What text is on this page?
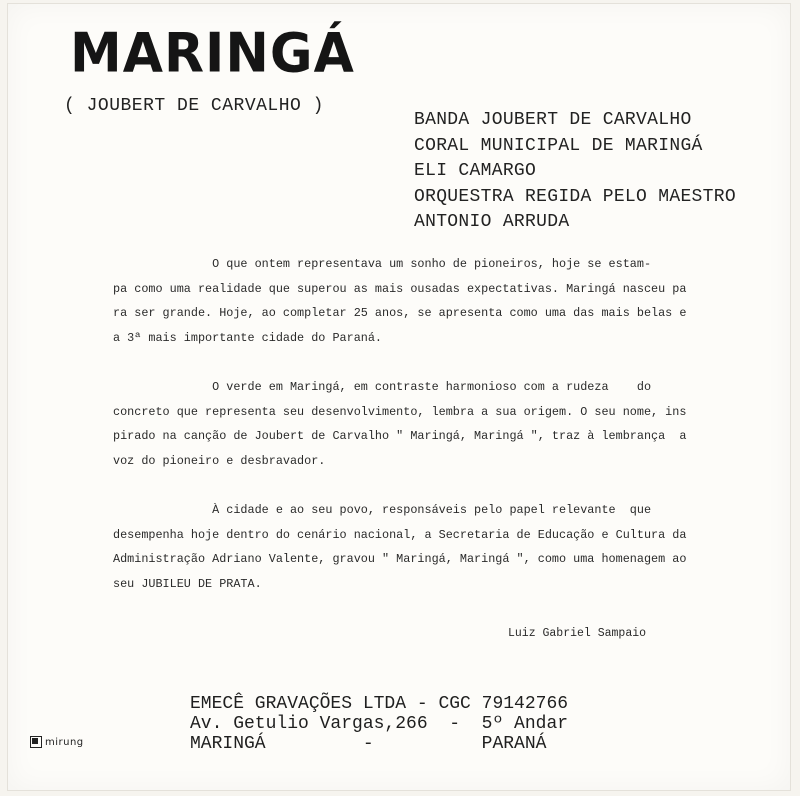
MARINGÁ
( JOUBERT DE CARVALHO )
BANDA JOUBERT DE CARVALHO
CORAL MUNICIPAL DE MARINGÁ
ELI CAMARGO
ORQUESTRA REGIDA PELO MAESTRO
ANTONIO ARRUDA
O que ontem representava um sonho de pioneiros, hoje se estam-
pa como uma realidade que superou as mais ousadas expectativas. Maringá nasceu pa
ra ser grande. Hoje, ao completar 25 anos, se apresenta como uma das mais belas e
a 3ª mais importante cidade do Paraná.
O verde em Maringá, em contraste harmonioso com a rudeza    do
concreto que representa seu desenvolvimento, lembra a sua origem. O seu nome, ins
pirado na canção de Joubert de Carvalho " Maringá, Maringá ", traz à lembrança  a
voz do pioneiro e desbravador.
À cidade e ao seu povo, responsáveis pelo papel relevante  que
desempenha hoje dentro do cenário nacional, a Secretaria de Educação e Cultura da
Administração Adriano Valente, gravou " Maringá, Maringá ", como uma homenagem ao
seu JUBILEU DE PRATA.
Luiz Gabriel Sampaio
EMECÊ GRAVAÇÕES LTDA - CGC 79142766
Av. Getulio Vargas,266  -  5º Andar
MARINGÁ         -          PARANÁ
mirung
